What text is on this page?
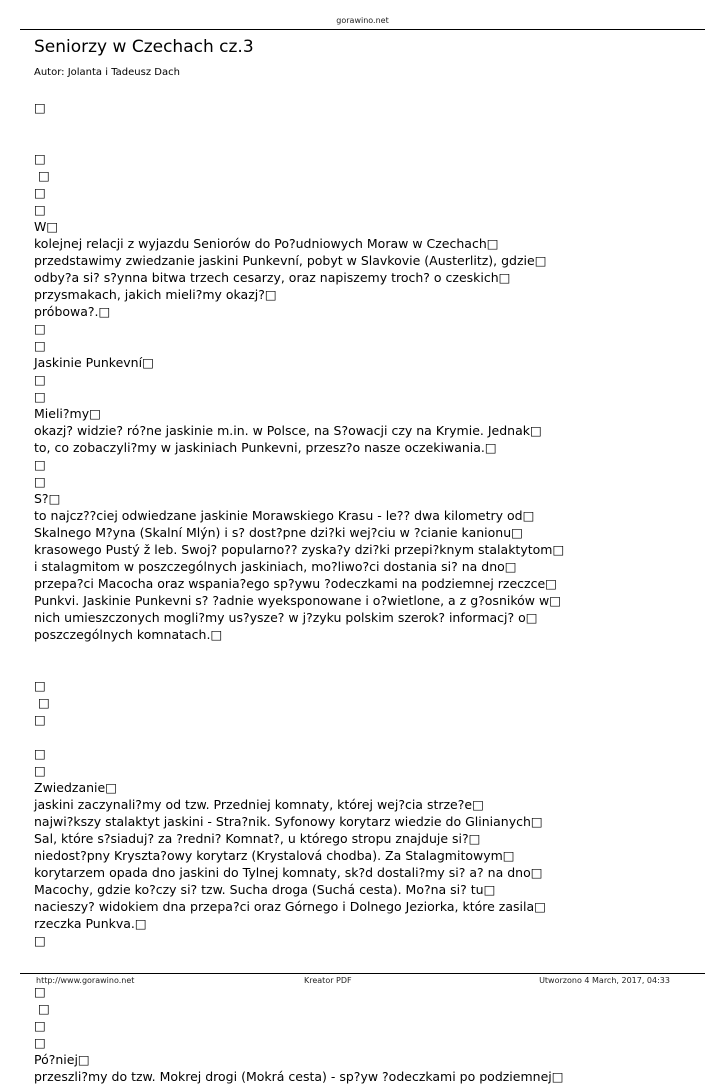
gorawino.net
Seniorzy w Czechach cz.3
Autor: Jolanta i Tadeusz Dach
□
□
□
□
□
W□
kolejnej relacji z wyjazdu Seniorów do Po?udniowych Moraw w Czechach□
przedstawimy zwiedzanie jaskini Punkevní, pobyt w Slavkovie (Austerlitz), gdzie□
odby?a si? s?ynna bitwa trzech cesarzy, oraz napiszemy troch? o czeskich□
przysmakach, jakich mieli?my okazj?□
próbowa?.□
□
□
Jaskinie Punkevní□
□
□
Mieli?my□
okazj? widzie? ró?ne jaskinie m.in. w Polsce, na S?owacji czy na Krymie. Jednak□
to, co zobaczyli?my w jaskiniach Punkevni, przesz?o nasze oczekiwania.□
□
□
S?□
to najcz??ciej odwiedzane jaskinie Morawskiego Krasu - le?? dwa kilometry od□
Skalnego M?yna (Skalní Mlýn) i s? dost?pne dzi?ki wej?ciu w ?cianie kanionu□
krasowego Pustý ž leb. Swoj? popularno?? zyska?y dzi?ki przepi?knym stalaktytom□
i stalagmitom w poszczególnych jaskiniach, mo?liwo?ci dostania si? na dno□
przepa?ci Macocha oraz wspania?ego sp?ywu ?odeczkami na podziemnej rzeczce□
Punkvi. Jaskinie Punkevni s? ?adnie wyeksponowane i o?wietlone, a z g?osników w□
nich umieszczonych mogli?my us?ysze? w j?zyku polskim szerok? informacj? o□
poszczególnych komnatach.□
□
□
□
□
□
Zwiedzanie□
jaskini zaczynali?my od tzw. Przedniej komnaty, której wej?cia strze?e□
najwi?kszy stalaktyt jaskini - Stra?nik. Syfonowy korytarz wiedzie do Glinianych□
Sal, które s?siaduj? za ?redni? Komnat?, u którego stropu znajduje si?□
niedost?pny Kryszta?owy korytarz (Krystalová chodba). Za Stalagmitowym□
korytarzem opada dno jaskini do Tylnej komnaty, sk?d dostali?my si? a? na dno□
Macochy, gdzie ko?czy si? tzw. Sucha droga (Suchá cesta). Mo?na si? tu□
nacieszy? widokiem dna przepa?ci oraz Górnego i Dolnego Jeziorka, które zasila□
rzeczka Punkva.□
□
□
□
□
□
Pó?niej□
przeszli?my do tzw. Mokrej drogi (Mokrá cesta) - sp?yw ?odeczkami po podziemnej□
http://www.gorawino.net	Kreator PDF	Utworzono 4 March, 2017, 04:33
